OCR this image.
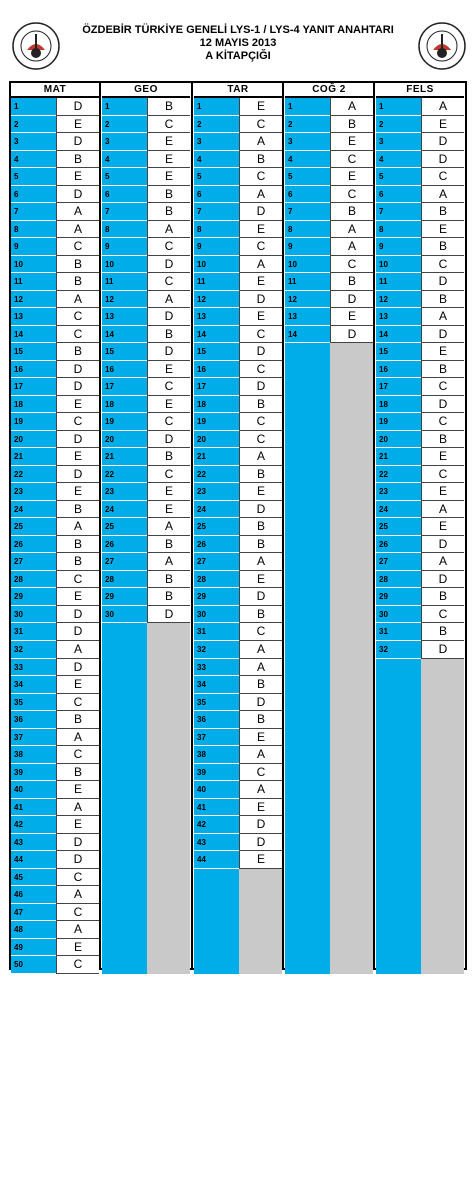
ÖZDEBİR TÜRKİYE GENELİ LYS-1 / LYS-4 YANIT ANAHTARI
12 MAYIS 2013
A KİTAPÇIĞI
MAT
1	D
2	E
3	D
4	B
5	E
6	D
7	A
8	A
9	C
10	B
11	B
12	A
13	C
14	C
15	B
16	D
17	D
18	E
19	C
20	D
21	E
22	D
23	E
24	B
25	A
26	B
27	B
28	C
29	E
30	D
31	D
32	A
33	D
34	E
35	C
36	B
37	A
38	C
39	B
40	E
41	A
42	E
43	D
44	D
45	C
46	A
47	C
48	A
49	E
50	C
GEO
1	B
2	C
3	E
4	E
5	E
6	B
7	B
8	A
9	C
10	D
11	C
12	A
13	D
14	B
15	D
16	E
17	C
18	E
19	C
20	D
21	B
22	C
23	E
24	E
25	A
26	B
27	A
28	B
29	B
30	D
TAR
1	E
2	C
3	A
4	B
5	C
6	A
7	D
8	E
9	C
10	A
11	E
12	D
13	E
14	C
15	D
16	C
17	D
18	B
19	C
20	C
21	A
22	B
23	E
24	D
25	B
26	B
27	A
28	E
29	D
30	B
31	C
32	A
33	A
34	B
35	D
36	B
37	E
38	A
39	C
40	A
41	E
42	D
43	D
44	E
COĞ 2
1	A
2	B
3	E
4	C
5	E
6	C
7	B
8	A
9	A
10	C
11	B
12	D
13	E
14	D
FELS
1	A
2	E
3	D
4	D
5	C
6	A
7	B
8	E
9	B
10	C
11	D
12	B
13	A
14	D
15	E
16	B
17	C
18	D
19	C
20	B
21	E
22	C
23	E
24	A
25	E
26	D
27	A
28	D
29	B
30	C
31	B
32	D
